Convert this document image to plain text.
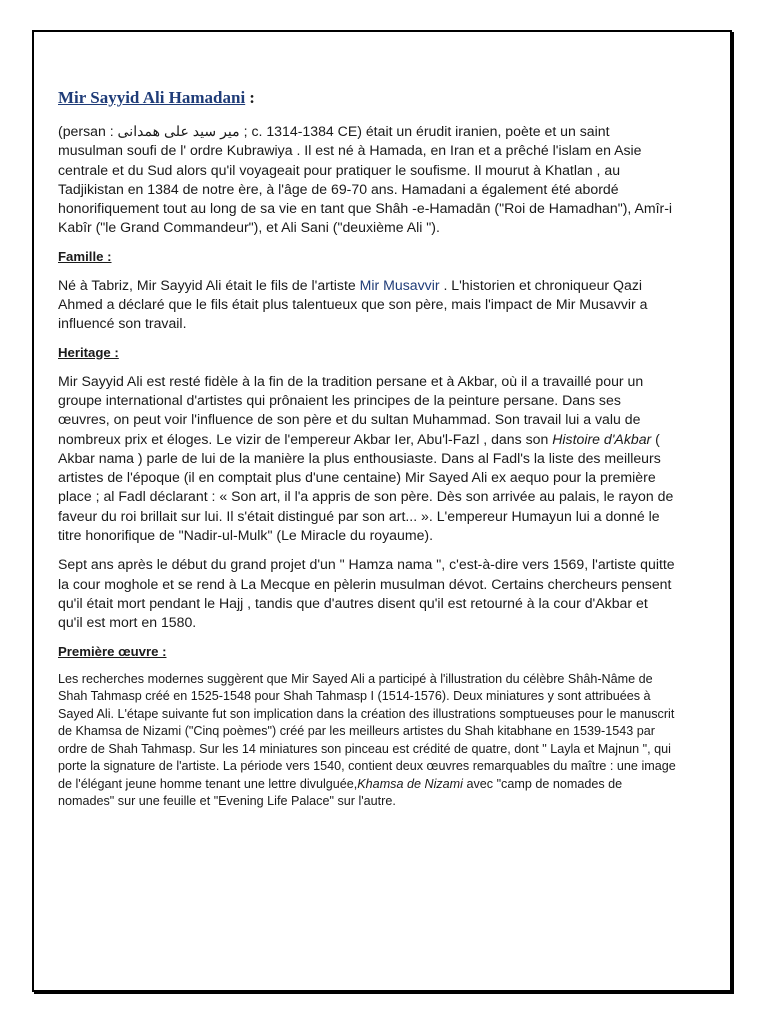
Mir Sayyid Ali Hamadani :

(persan : میر سید علی همدانی ; c. 1314-1384 CE) était un érudit iranien, poète et un saint musulman soufi de l' ordre Kubrawiya . Il est né à Hamada, en Iran et a prêché l'islam en Asie centrale et du Sud alors qu'il voyageait pour pratiquer le soufisme. Il mourut à Khatlan , au Tadjikistan en 1384 de notre ère, à l'âge de 69-70 ans. Hamadani a également été abordé honorifiquement tout au long de sa vie en tant que Shâh -e-Hamadān ("Roi de Hamadhan"), Amîr-i Kabîr ("le Grand Commandeur"), et Ali Sani ("deuxième Ali ").

Famille :

Né à Tabriz, Mir Sayyid Ali était le fils de l'artiste Mir Musavvir . L'historien et chroniqueur Qazi Ahmed a déclaré que le fils était plus talentueux que son père, mais l'impact de Mir Musavvir a influencé son travail.

Heritage :

Mir Sayyid Ali est resté fidèle à la fin de la tradition persane et à Akbar, où il a travaillé pour un groupe international d'artistes qui prônaient les principes de la peinture persane. Dans ses œuvres, on peut voir l'influence de son père et du sultan Muhammad. Son travail lui a valu de nombreux prix et éloges. Le vizir de l'empereur Akbar Ier, Abu'l-Fazl , dans son Histoire d'Akbar ( Akbar nama ) parle de lui de la manière la plus enthousiaste. Dans al Fadl's la liste des meilleurs artistes de l'époque (il en comptait plus d'une centaine) Mir Sayed Ali ex aequo pour la première place ; al Fadl déclarant : « Son art, il l'a appris de son père. Dès son arrivée au palais, le rayon de faveur du roi brillait sur lui. Il s'était distingué par son art... ». L'empereur Humayun lui a donné le titre honorifique de "Nadir-ul-Mulk" (Le Miracle du royaume).

Sept ans après le début du grand projet d'un " Hamza nama ", c'est-à-dire vers 1569, l'artiste quitte la cour moghole et se rend à La Mecque en pèlerin musulman dévot. Certains chercheurs pensent qu'il était mort pendant le Hajj , tandis que d'autres disent qu'il est retourné à la cour d'Akbar et qu'il est mort en 1580.

Première œuvre :

Les recherches modernes suggèrent que Mir Sayed Ali a participé à l'illustration du célèbre Shâh-Nâme de Shah Tahmasp créé en 1525-1548 pour Shah Tahmasp I (1514-1576). Deux miniatures y sont attribuées à Sayed Ali. L'étape suivante fut son implication dans la création des illustrations somptueuses pour le manuscrit de Khamsa de Nizami ("Cinq poèmes") créé par les meilleurs artistes du Shah kitabhane en 1539-1543 par ordre de Shah Tahmasp. Sur les 14 miniatures son pinceau est crédité de quatre, dont " Layla et Majnun ", qui porte la signature de l'artiste. La période vers 1540, contient deux œuvres remarquables du maître : une image de l'élégant jeune homme tenant une lettre divulguée,Khamsa de Nizami avec "camp de nomades de nomades" sur une feuille et "Evening Life Palace" sur l'autre.
